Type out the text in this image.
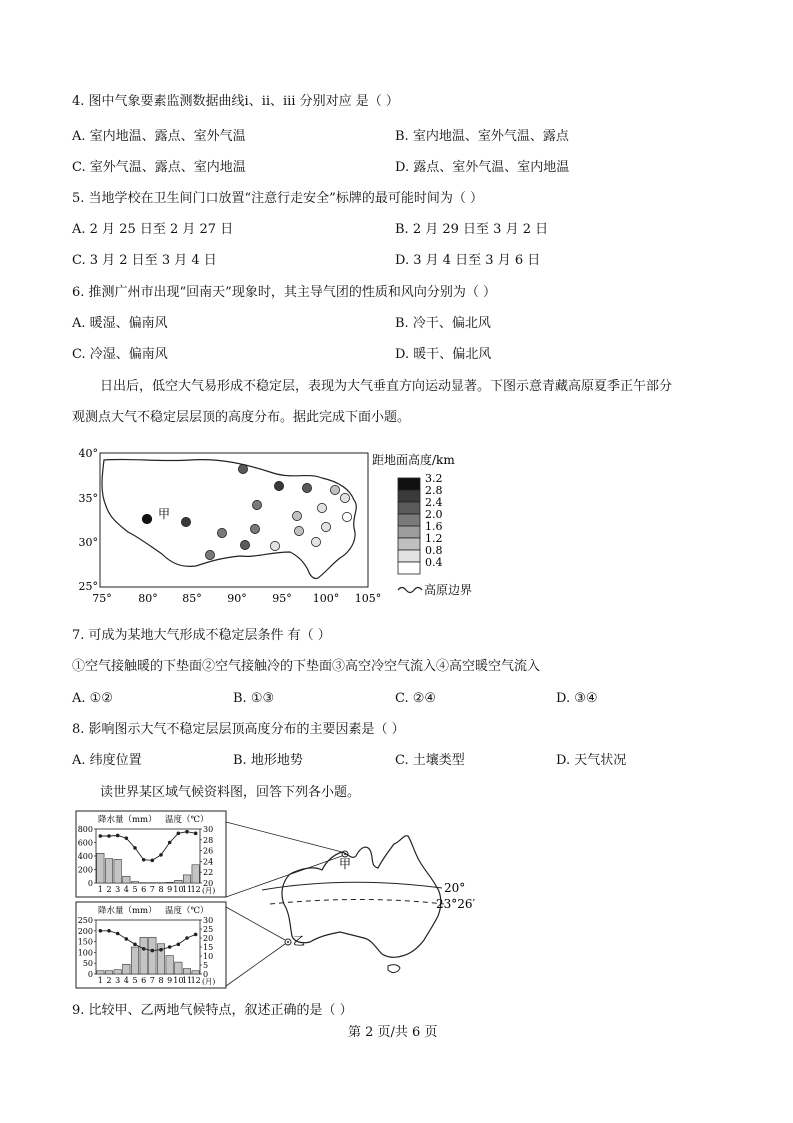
4. 图中气象要素监测数据曲线ⅰ、ⅱ、ⅲ 分别对应 是（ ）
A. 室内地温、露点、室外气温	B. 室内地温、室外气温、露点
C. 室外气温、露点、室内地温	D. 露点、室外气温、室内地温
5. 当地学校在卫生间门口放置“注意行走安全”标牌的最可能时间为（ ）
A. 2 月 25 日至 2 月 27 日	B. 2 月 29 日至 3 月 2 日
C. 3 月 2 日至 3 月 4 日	D. 3 月 4 日至 3 月 6 日
6. 推测广州市出现“回南天”现象时，其主导气团的性质和风向分别为（ ）
A. 暖湿、偏南风	B. 冷干、偏北风
C. 冷湿、偏南风	D. 暖干、偏北风
日出后，低空大气易形成不稳定层，表现为大气垂直方向运动显著。下图示意青藏高原夏季正午部分
观测点大气不稳定层层顶的高度分布。据此完成下面小题。
甲
40°
35°
30°
25°
75° 80° 85° 90° 95° 100° 105°
距地面高度/km
3.2
2.8
2.4
2.0
1.6
1.2
0.8
0.4
高原边界
7. 可成为某地大气形成不稳定层条件 有（ ）
①空气接触暖的下垫面②空气接触冷的下垫面③高空冷空气流入④高空暖空气流入
A. ①②	B. ①③	C. ②④	D. ③④
8. 影响图示大气不稳定层层顶高度分布的主要因素是（ ）
A. 纬度位置	B. 地形地势	C. 土壤类型	D. 天气状况
读世界某区域气候资料图，回答下列各小题。
800
600
400
200
0
30
28
26
24
22
20
1 2 3 4 5 6 7 8 9 10
11
12 (月)
降水量（mm） 温度（℃）
250
200
150
100
50
0
30
25
20
15
10
5
0
1 2 3 4 5 6 7 8 9 10
11
12 (月)
降水量（mm） 温度（℃）
20°
23°26′
甲
乙
9. 比较甲、乙两地气候特点，叙述正确的是（ ）
第 2 页/共 6 页
